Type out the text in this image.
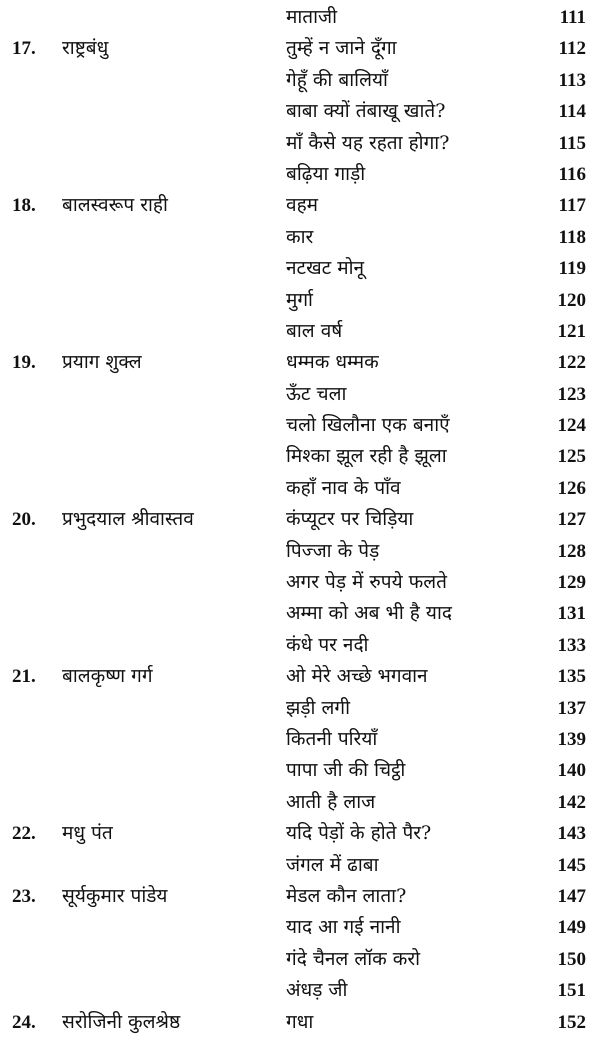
माताजी	111
17. राष्ट्रबंधु	तुम्हें न जाने दूँगा	112
गेहूँ की बालियाँ	113
बाबा क्यों तंबाखू खाते?	114
माँ कैसे यह रहता होगा?	115
बढ़िया गाड़ी	116
18. बालस्वरूप राही	वहम	117
कार	118
नटखट मोनू	119
मुर्गा	120
बाल वर्ष	121
19. प्रयाग शुक्ल	धम्मक धम्मक	122
ऊँट चला	123
चलो खिलौना एक बनाएँ	124
मिश्का झूल रही है झूला	125
कहाँ नाव के पाँव	126
20. प्रभुदयाल श्रीवास्तव	कंप्यूटर पर चिड़िया	127
पिज्जा के पेड़	128
अगर पेड़ में रुपये फलते	129
अम्मा को अब भी है याद	131
कंधे पर नदी	133
21. बालकृष्ण गर्ग	ओ मेरे अच्छे भगवान	135
झड़ी लगी	137
कितनी परियाँ	139
पापा जी की चिट्ठी	140
आती है लाज	142
22. मधु पंत	यदि पेड़ों के होते पैर?	143
जंगल में ढाबा	145
23. सूर्यकुमार पांडेय	मेडल कौन लाता?	147
याद आ गई नानी	149
गंदे चैनल लॉक करो	150
अंधड़ जी	151
24. सरोजिनी कुलश्रेष्ठ	गधा	152
